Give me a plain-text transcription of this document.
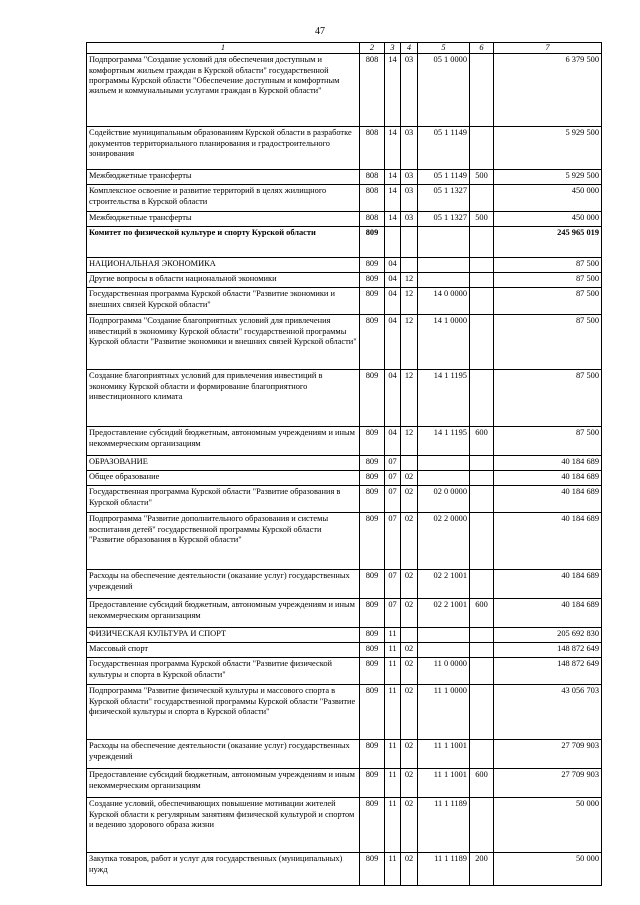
47
1	2	3	4	5	6	7
Подпрограмма "Создание условий для обеспечения доступным и комфортным жильем граждан в Курской области" государственной программы Курской области "Обеспечение доступным и комфортным жильем и коммунальными услугами граждан в Курской области"	808	14	03	05 1 0000		6 379 500
Содействие муниципальным образованиям Курской области в разработке документов территориального планирования и градостроительного зонирования	808	14	03	05 1 1149		5 929 500
Межбюджетные трансферты	808	14	03	05 1 1149	500	5 929 500
Комплексное освоение и развитие территорий в целях жилищного строительства в Курской области	808	14	03	05 1 1327		450 000
Межбюджетные трансферты	808	14	03	05 1 1327	500	450 000
Комитет по физической культуре и спорту Курской области	809					245 965 019
НАЦИОНАЛЬНАЯ ЭКОНОМИКА	809	04				87 500
Другие вопросы в области национальной экономики	809	04	12			87 500
Государственная программа Курской области "Развитие экономики и внешних связей Курской области"	809	04	12	14 0 0000		87 500
Подпрограмма "Создание благоприятных условий для привлечения инвестиций в экономику Курской области" государственной программы Курской области "Развитие экономики и внешних связей Курской области"	809	04	12	14 1 0000		87 500
Создание благоприятных условий для привлечения инвестиций в экономику Курской области и формирование благоприятного инвестиционного климата	809	04	12	14 1 1195		87 500
Предоставление субсидий бюджетным, автономным учреждениям и иным некоммерческим организациям	809	04	12	14 1 1195	600	87 500
ОБРАЗОВАНИЕ	809	07				40 184 689
Общее образование	809	07	02			40 184 689
Государственная программа Курской области "Развитие образования в Курской области"	809	07	02	02 0 0000		40 184 689
Подпрограмма "Развитие дополнительного образования и системы воспитания детей" государственной программы Курской области "Развитие образования в Курской области"	809	07	02	02 2 0000		40 184 689
Расходы на обеспечение деятельности (оказание услуг) государственных учреждений	809	07	02	02 2 1001		40 184 689
Предоставление субсидий бюджетным, автономным учреждениям и иным некоммерческим организациям	809	07	02	02 2 1001	600	40 184 689
ФИЗИЧЕСКАЯ КУЛЬТУРА И СПОРТ	809	11				205 692 830
Массовый спорт	809	11	02			148 872 649
Государственная программа Курской области "Развитие физической культуры и спорта в Курской области"	809	11	02	11 0 0000		148 872 649
Подпрограмма "Развитие физической культуры и массового спорта в Курской области" государственной программы Курской области "Развитие физической культуры и спорта в Курской области"	809	11	02	11 1 0000		43 056 703
Расходы на обеспечение деятельности (оказание услуг) государственных учреждений	809	11	02	11 1 1001		27 709 903
Предоставление субсидий бюджетным, автономным учреждениям и иным некоммерческим организациям	809	11	02	11 1 1001	600	27 709 903
Создание условий, обеспечивающих повышение мотивации жителей Курской области к регулярным занятиям физической культурой и спортом и ведению здорового образа жизни	809	11	02	11 1 1189		50 000
Закупка товаров, работ и услуг для государственных (муниципальных) нужд	809	11	02	11 1 1189	200	50 000
